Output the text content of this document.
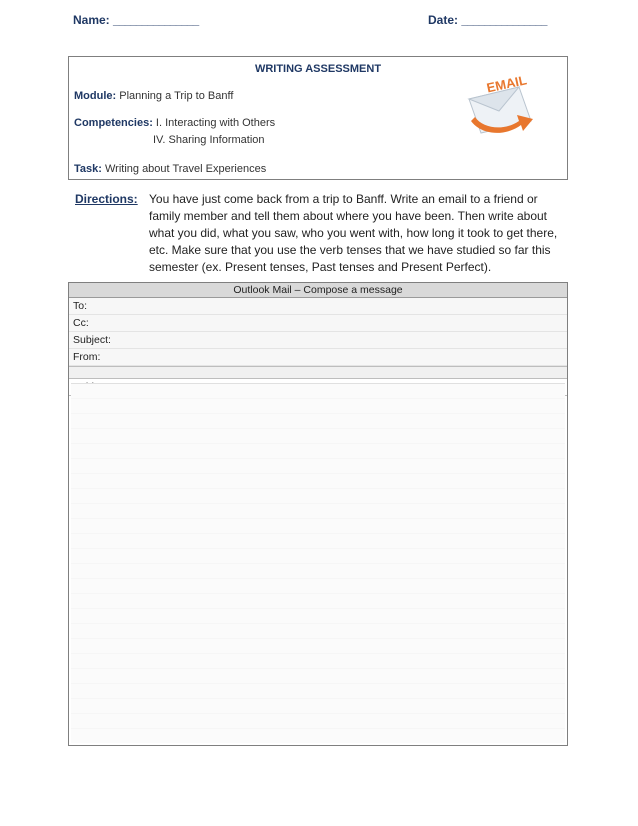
Name: _______________	Date: _______________
WRITING ASSESSMENT
Module: Planning a Trip to Banff
Competencies: I. Interacting with Others
IV. Sharing Information
Task: Writing about Travel Experiences
EMAIL
Directions: You have just come back from a trip to Banff. Write an email to a friend or family member and tell them about where you have been. Then write about what you did, what you saw, who you went with, how long it took to get there, etc. Make sure that you use the verb tenses that we have studied so far this semester (ex. Present tenses, Past tenses and Present Perfect).
Outlook Mail – Compose a message
To:
Cc:
Subject:
From:
